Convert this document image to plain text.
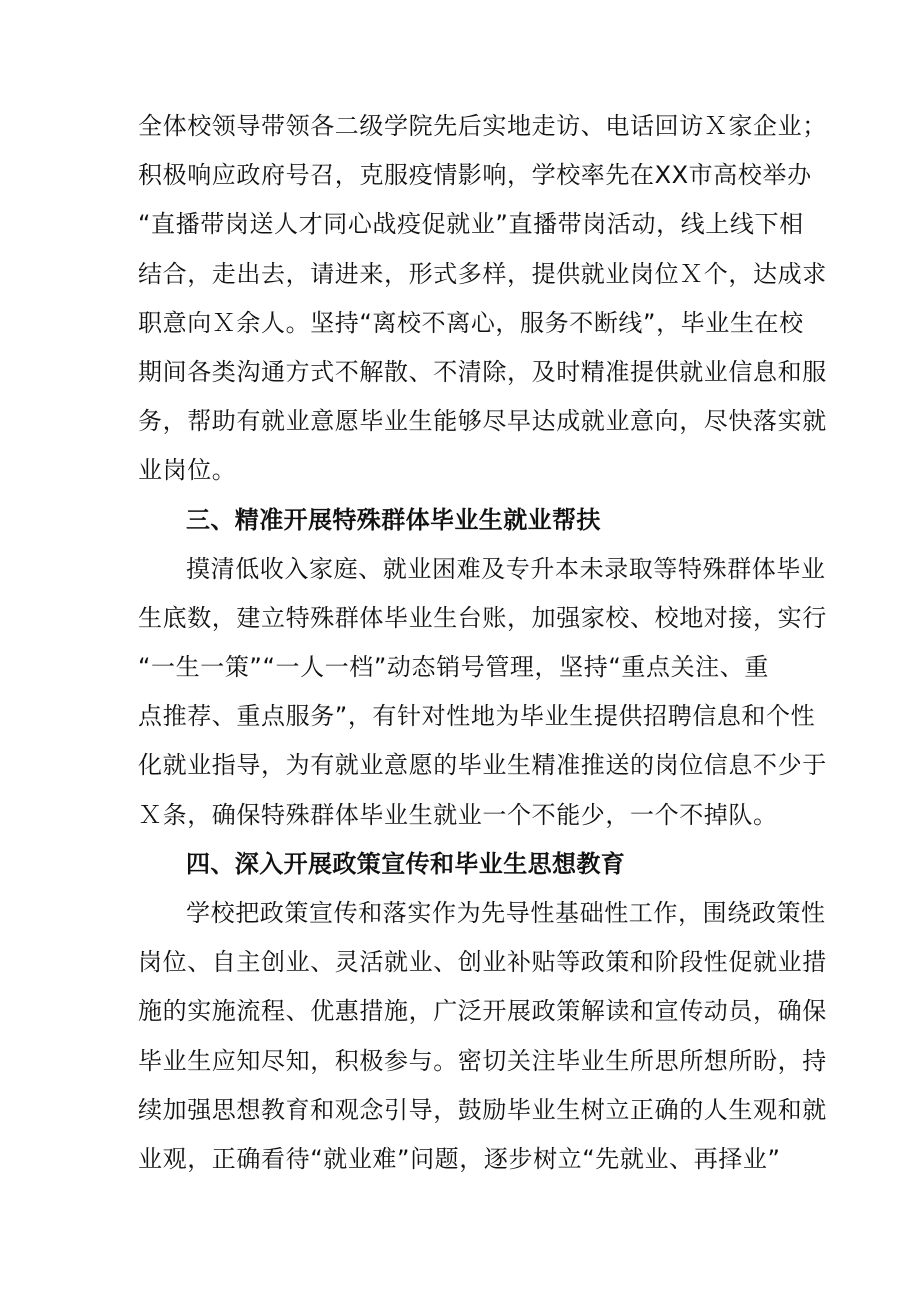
全体校领导带领各二级学院先后实地走访、电话回访Ｘ家企业；
积极响应政府号召，克服疫情影响，学校率先在XX市高校举办
“直播带岗送人才同心战疫促就业”直播带岗活动，线上线下相
结合，走出去，请进来，形式多样，提供就业岗位Ｘ个，达成求
职意向Ｘ余人。坚持“离校不离心，服务不断线”，毕业生在校
期间各类沟通方式不解散、不清除，及时精准提供就业信息和服
务，帮助有就业意愿毕业生能够尽早达成就业意向，尽快落实就
业岗位。
三、精准开展特殊群体毕业生就业帮扶
摸清低收入家庭、就业困难及专升本未录取等特殊群体毕业
生底数，建立特殊群体毕业生台账，加强家校、校地对接，实行
“一生一策”“一人一档”动态销号管理，坚持“重点关注、重
点推荐、重点服务”，有针对性地为毕业生提供招聘信息和个性
化就业指导，为有就业意愿的毕业生精准推送的岗位信息不少于
Ｘ条，确保特殊群体毕业生就业一个不能少，一个不掉队。
四、深入开展政策宣传和毕业生思想教育
学校把政策宣传和落实作为先导性基础性工作，围绕政策性
岗位、自主创业、灵活就业、创业补贴等政策和阶段性促就业措
施的实施流程、优惠措施，广泛开展政策解读和宣传动员，确保
毕业生应知尽知，积极参与。密切关注毕业生所思所想所盼，持
续加强思想教育和观念引导，鼓励毕业生树立正确的人生观和就
业观，正确看待“就业难”问题，逐步树立“先就业、再择业”
